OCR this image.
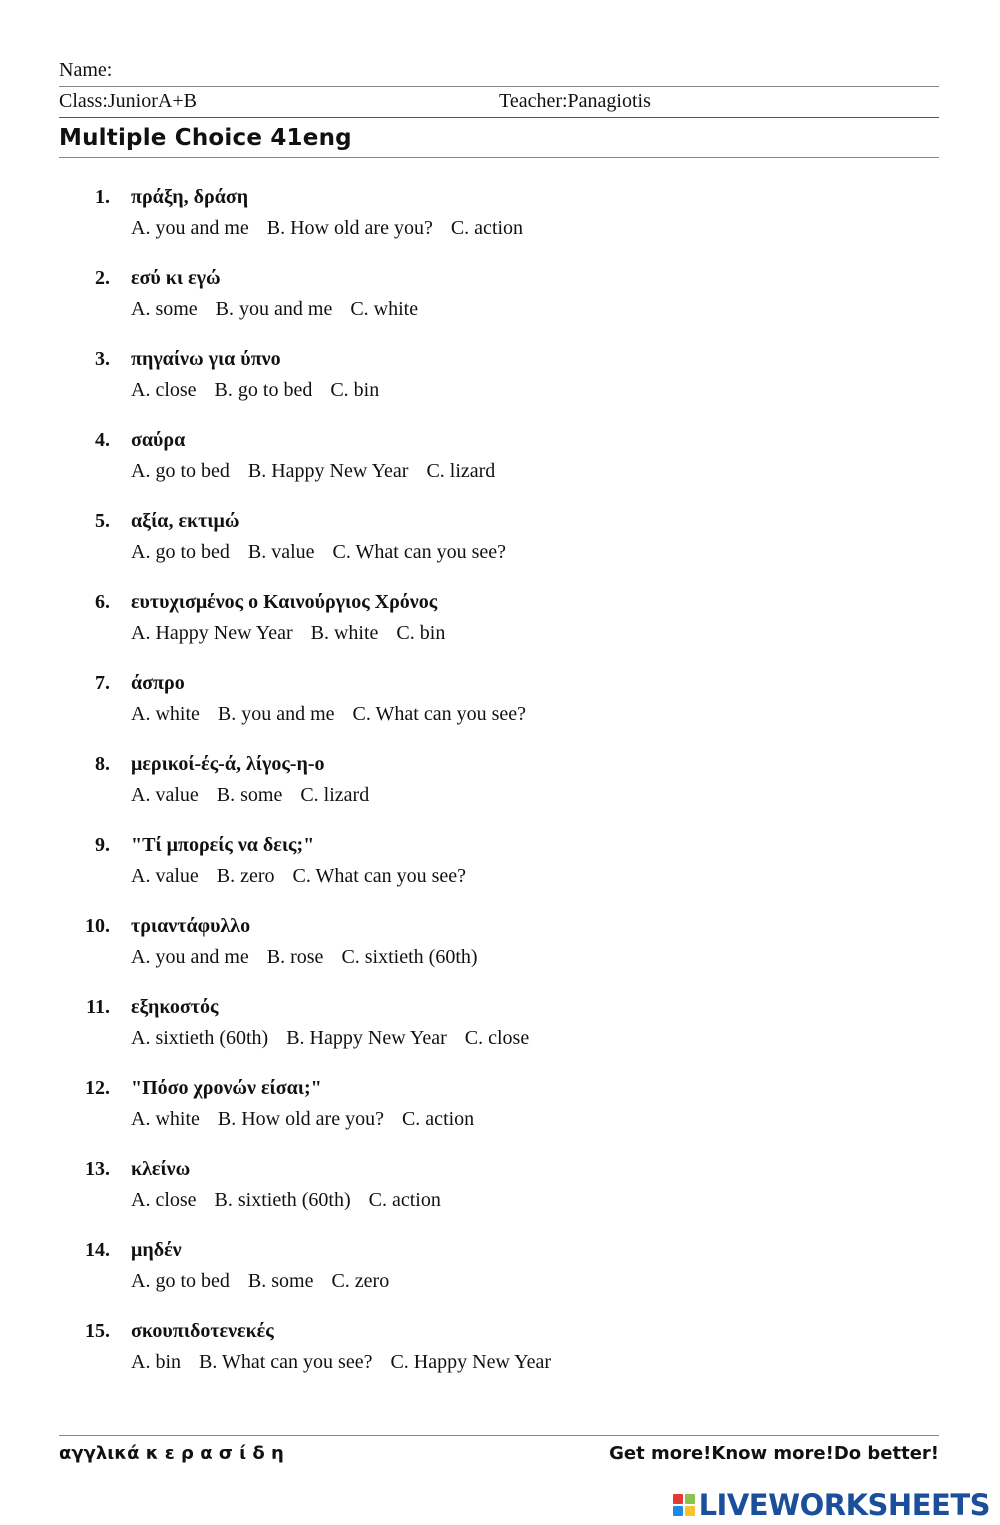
Name:
Class:JuniorA+B	Teacher:Panagiotis
Multiple Choice 41eng
1. πράξη, δράση
A. you and me B. How old are you? C. action
2. εσύ κι εγώ
A. some B. you and me C. white
3. πηγαίνω για ύπνο
A. close B. go to bed C. bin
4. σαύρα
A. go to bed B. Happy New Year C. lizard
5. αξία, εκτιμώ
A. go to bed B. value C. What can you see?
6. ευτυχισμένος ο Καινούργιος Χρόνος
A. Happy New Year B. white C. bin
7. άσπρο
A. white B. you and me C. What can you see?
8. μερικοί-ές-ά, λίγος-η-ο
A. value B. some C. lizard
9. "Τί μπορείς να δεις;"
A. value B. zero C. What can you see?
10. τριαντάφυλλο
A. you and me B. rose C. sixtieth (60th)
11. εξηκοστός
A. sixtieth (60th) B. Happy New Year C. close
12. "Πόσο χρονών είσαι;"
A. white B. How old are you? C. action
13. κλείνω
A. close B. sixtieth (60th) C. action
14. μηδέν
A. go to bed B. some C. zero
15. σκουπιδοτενεκές
A. bin B. What can you see? C. Happy New Year
αγγλικά κ ε ρ α σ ί δ η	Get more!Know more!Do better!
LIVEWORKSHEETS
